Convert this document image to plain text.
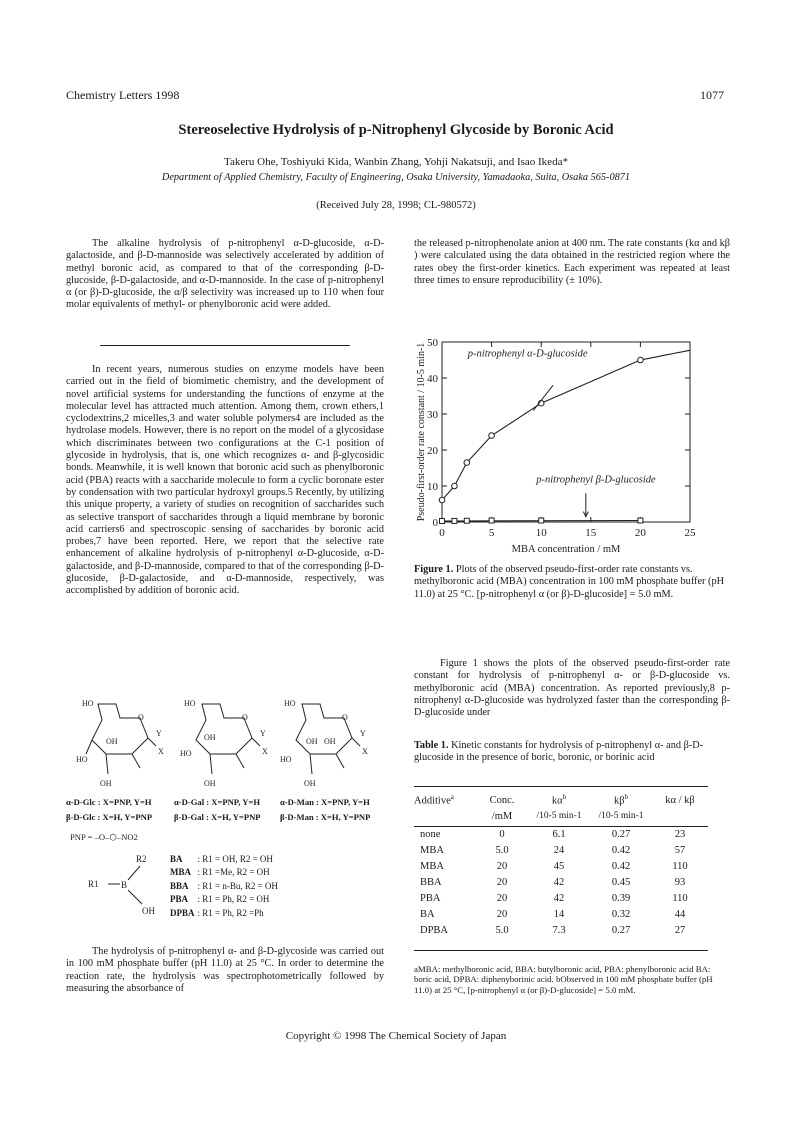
Chemistry Letters 1998	1077
Stereoselective Hydrolysis of p-Nitrophenyl Glycoside by Boronic Acid
Takeru Ohe, Toshiyuki Kida, Wanbin Zhang, Yohji Nakatsuji, and Isao Ikeda*
Department of Applied Chemistry, Faculty of Engineering, Osaka University, Yamadaoka, Suita, Osaka 565-0871
(Received July 28, 1998; CL-980572)

The alkaline hydrolysis of p-nitrophenyl α-D-glucoside, α-D-galactoside, and β-D-mannoside was selectively accelerated by addition of methyl boronic acid, as compared to that of the corresponding β-D-glucoside, β-D-galactoside, and α-D-mannoside. In the case of p-nitrophenyl α (or β)-D-glucoside, the α/β selectivity was increased up to 110 when four molar equivalents of methyl- or phenylboronic acid were added.

In recent years, numerous studies on enzyme models have been carried out in the field of biomimetic chemistry, and the development of novel artificial systems for understanding the functions of enzyme at the molecular level has attracted much attention. Among them, crown ethers,1 cyclodextrins,2 micelles,3 and water soluble polymers4 are included as the hydrolase models. However, there is no report on the model of a glycosidase which discriminates between two configurations at the C-1 position of glycoside in hydrolysis, that is, one which recognizes α- and β-glycosidic bonds. Meanwhile, it is well known that boronic acid such as phenylboronic acid (PBA) reacts with a saccharide molecule to form a cyclic boronate ester by condensation with two particular hydroxyl groups.5 Recently, by utilizing this unique property, a variety of studies on recognition of saccharides such as selective transport of saccharides through a liquid membrane by boronic acid carriers6 and spectroscopic sensing of saccharides by boronic acid probes,7 have been reported. Here, we report that the selective rate enhancement of alkaline hydrolysis of p-nitrophenyl α-D-glucoside, α-D-galactoside, and β-D-mannoside, compared to that of the corresponding β-D-glucoside, β-D-galactoside, and α-D-mannoside, respectively, was accomplished by addition of boronic acid.

HO
O
Y
X
OH
HO
OH
HO
O
Y
X
OH
HO
OH
HO
O
Y
X
OH OH
HO
OH
α-D-Glc : X=PNP, Y=H	α-D-Gal : X=PNP, Y=H α-D-Man : X=PNP, Y=H
β-D-Glc : X=H, Y=PNP	β-D-Gal : X=H, Y=PNP β-D-Man : X=H, Y=PNP
PNP = –O–⬡–NO2
R1 B
R2
OH
BA	: R1 = OH, R2 = OH
MBA	: R1 =Me, R2 = OH
BBA	: R1 = n-Bu, R2 = OH
PBA	: R1 = Ph, R2 = OH
DPBA	: R1 = Ph, R2 =Ph

The hydrolysis of p-nitrophenyl α- and β-D-glycoside was carried out in 100 mM phosphate buffer (pH 11.0) at 25 °C. In order to determine the reaction rate, the hydrolysis was spectrophotometrically followed by measuring the absorbance of

the released p-nitrophenolate anion at 400 nm. The rate constants (kα and kβ ) were calculated using the data obtained in the restricted region where the rates obey the first-order kinetics. Each experiment was repeated at least three times to ensure reproducibility (± 10%).

0	5	10	15	20	25
0
10
20
30
40
50
MBA concentration / mM
Pseudo-first-order rate constant / 10-5 min-1	p-nitrophenyl α-D-glucoside
p-nitrophenyl β-D-glucoside

Figure 1. Plots of the observed pseudo-first-order rate constants vs. methylboronic acid (MBA) concentration in 100 mM phosphate buffer (pH 11.0) at 25 °C. [p-nitrophenyl α (or β)-D-glucoside] = 5.0 mM.

Figure 1 shows the plots of the observed pseudo-first-order rate constant for hydrolysis of p-nitrophenyl α- or β-D-glucoside vs. methylboronic acid (MBA) concentration. As reported previously,8 p-nitrophenyl α-D-glucoside was hydrolyzed faster than the corresponding β-D-glucoside under

Table 1. Kinetic constants for hydrolysis of p-nitrophenyl α- and β-D-glucoside in the presence of boric, boronic, or borinic acid

Additive$^a$	Conc.	$k\alpha^b$	$k\beta^b$	kα / kβ
	/mM	/10-5 min-1	/10-5 min-1	

none	0	6.1	0.27	23
MBA	5.0	24	0.42	57
MBA	20	45	0.42	110
BBA	20	42	0.45	93
PBA	20	42	0.39	110
BA	20	14	0.32	44
DPBA	5.0	7.3	0.27	27

aMBA: methylboronic acid, BBA: butylboronic acid, PBA: phenylboronic acid BA: boric acid, DPBA: diphenyborinic acid. bObserved in 100 mM phosphate buffer (pH 11.0) at 25 °C, [p-nitrophenyl α (or β)-D-glucoside] = 5.0 mM.

Copyright © 1998 The Chemical Society of Japan
